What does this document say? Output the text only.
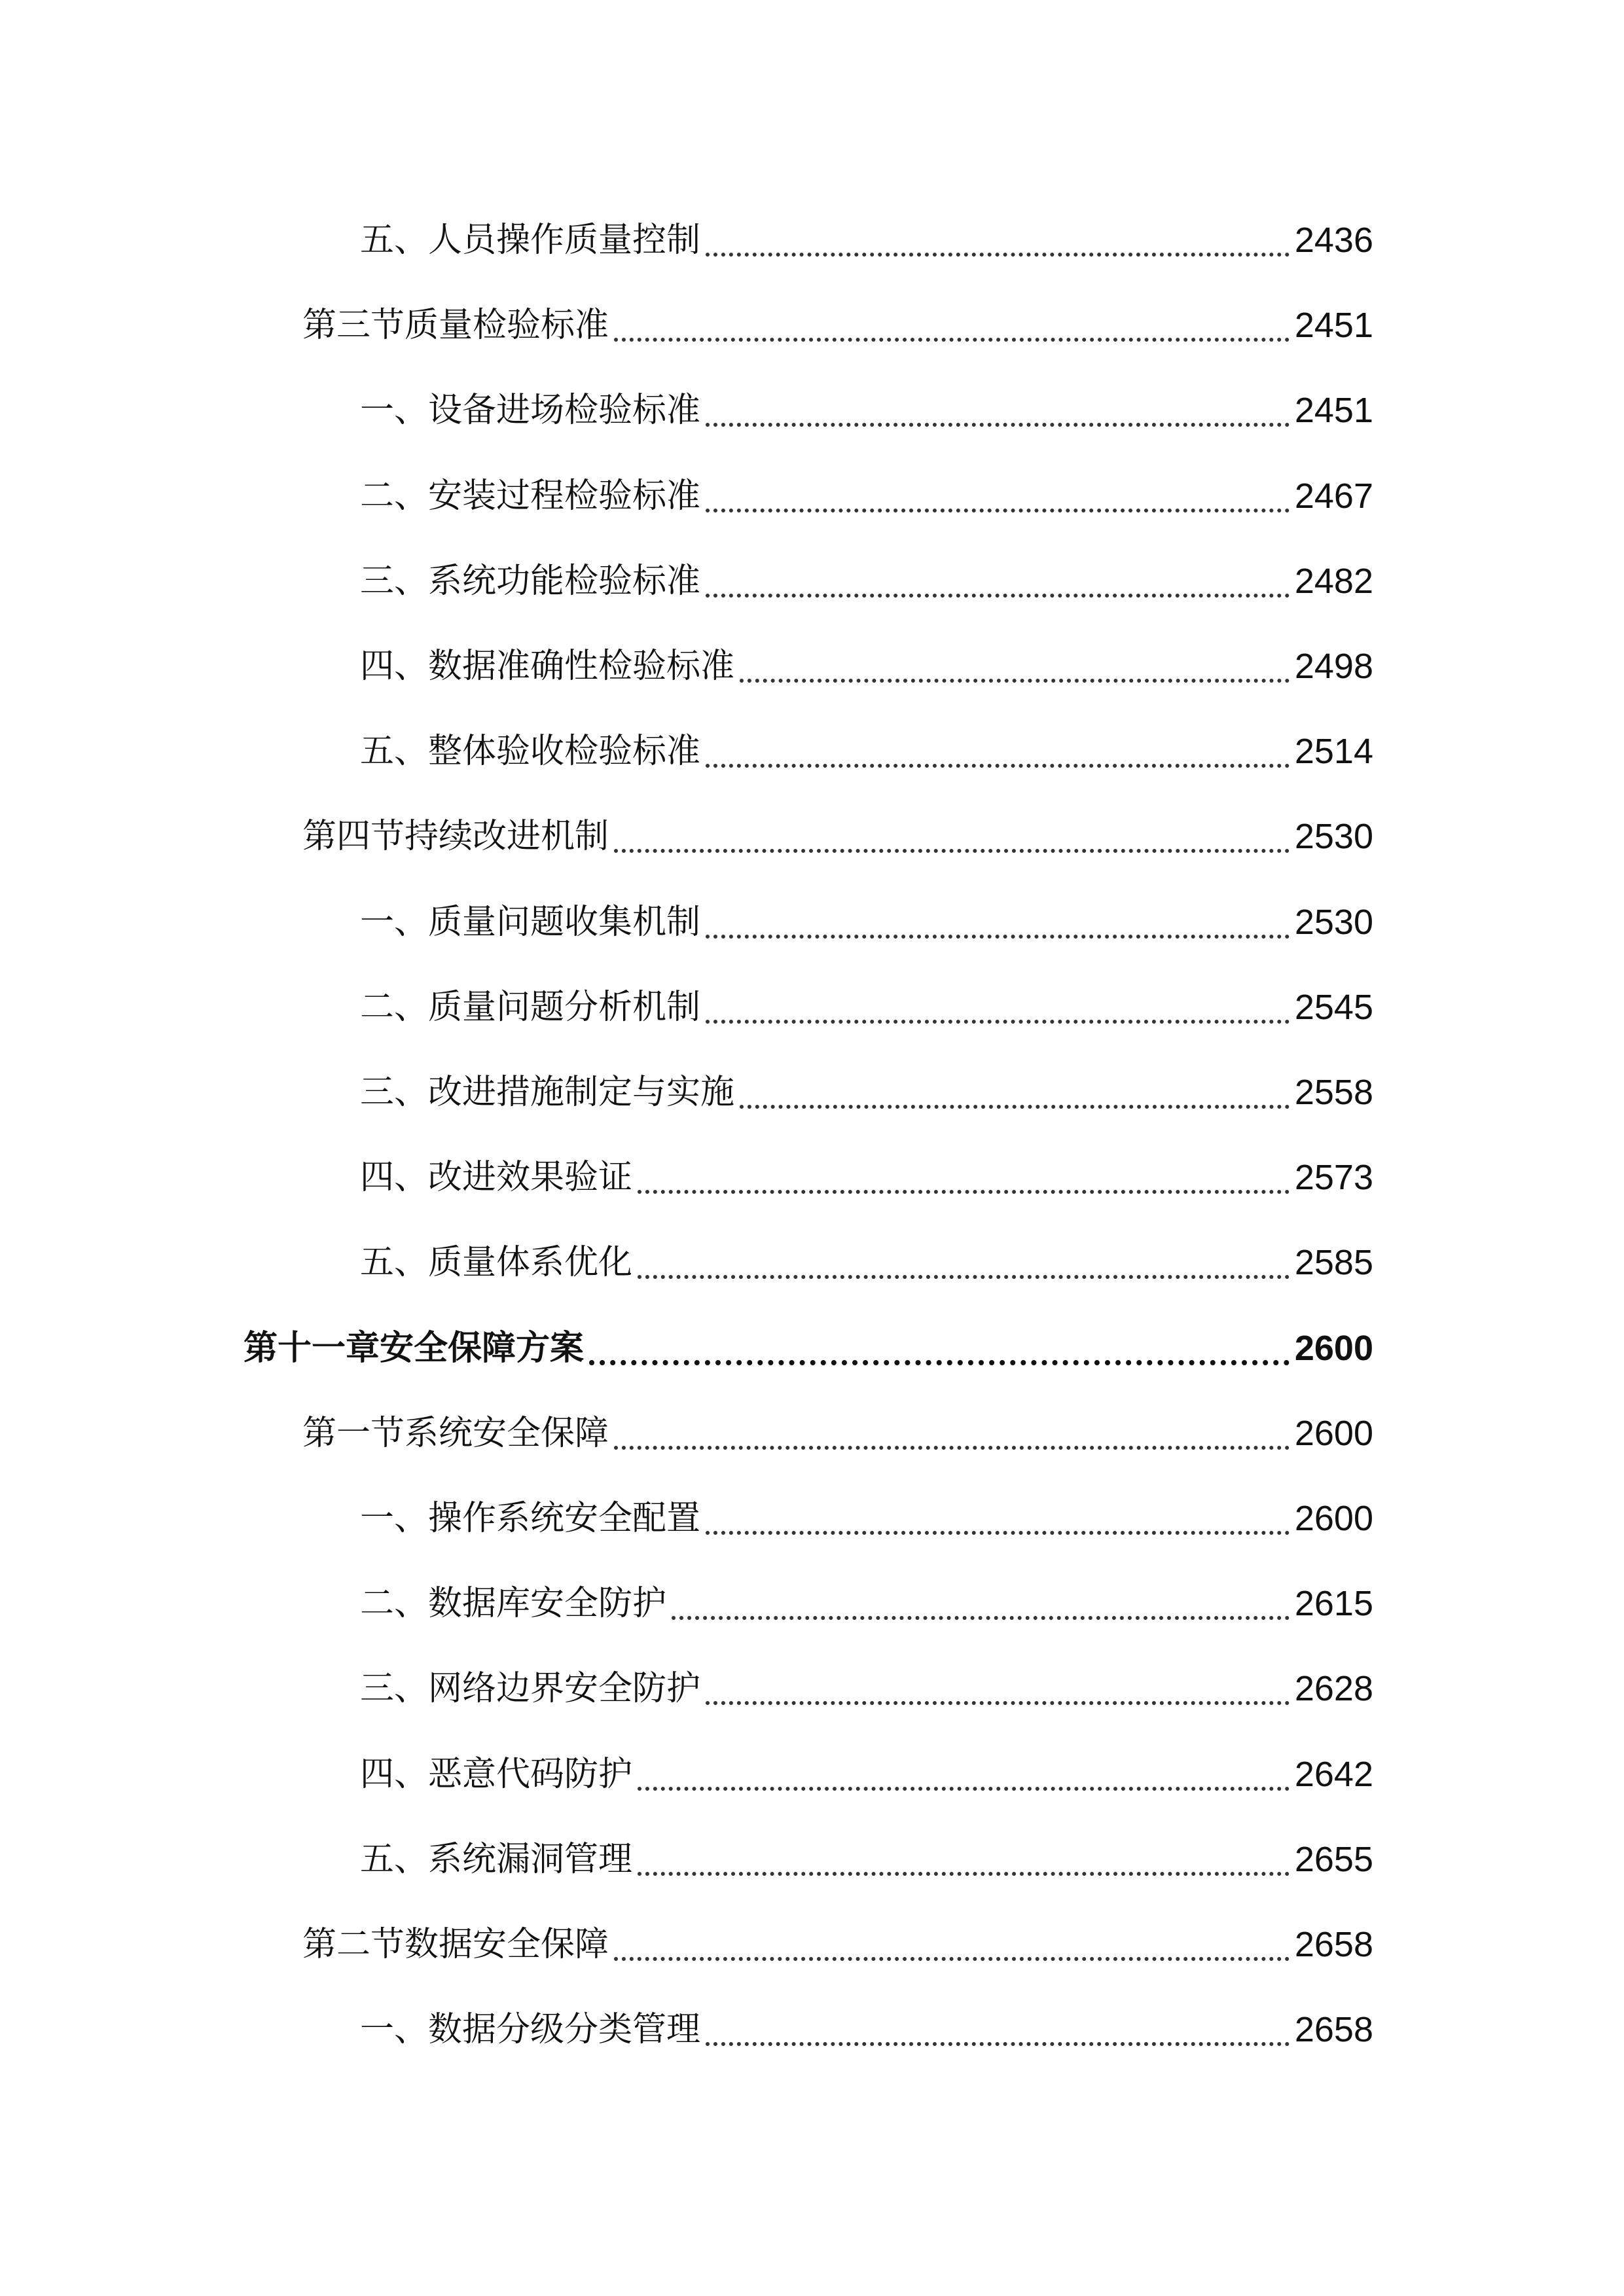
五、人员操作质量控制	2436
第三节质量检验标准	2451
一、设备进场检验标准	2451
二、安装过程检验标准	2467
三、系统功能检验标准	2482
四、数据准确性检验标准	2498
五、整体验收检验标准	2514
第四节持续改进机制	2530
一、质量问题收集机制	2530
二、质量问题分析机制	2545
三、改进措施制定与实施	2558
四、改进效果验证	2573
五、质量体系优化	2585
第十一章安全保障方案	2600
第一节系统安全保障	2600
一、操作系统安全配置	2600
二、数据库安全防护	2615
三、网络边界安全防护	2628
四、恶意代码防护	2642
五、系统漏洞管理	2655
第二节数据安全保障	2658
一、数据分级分类管理	2658
